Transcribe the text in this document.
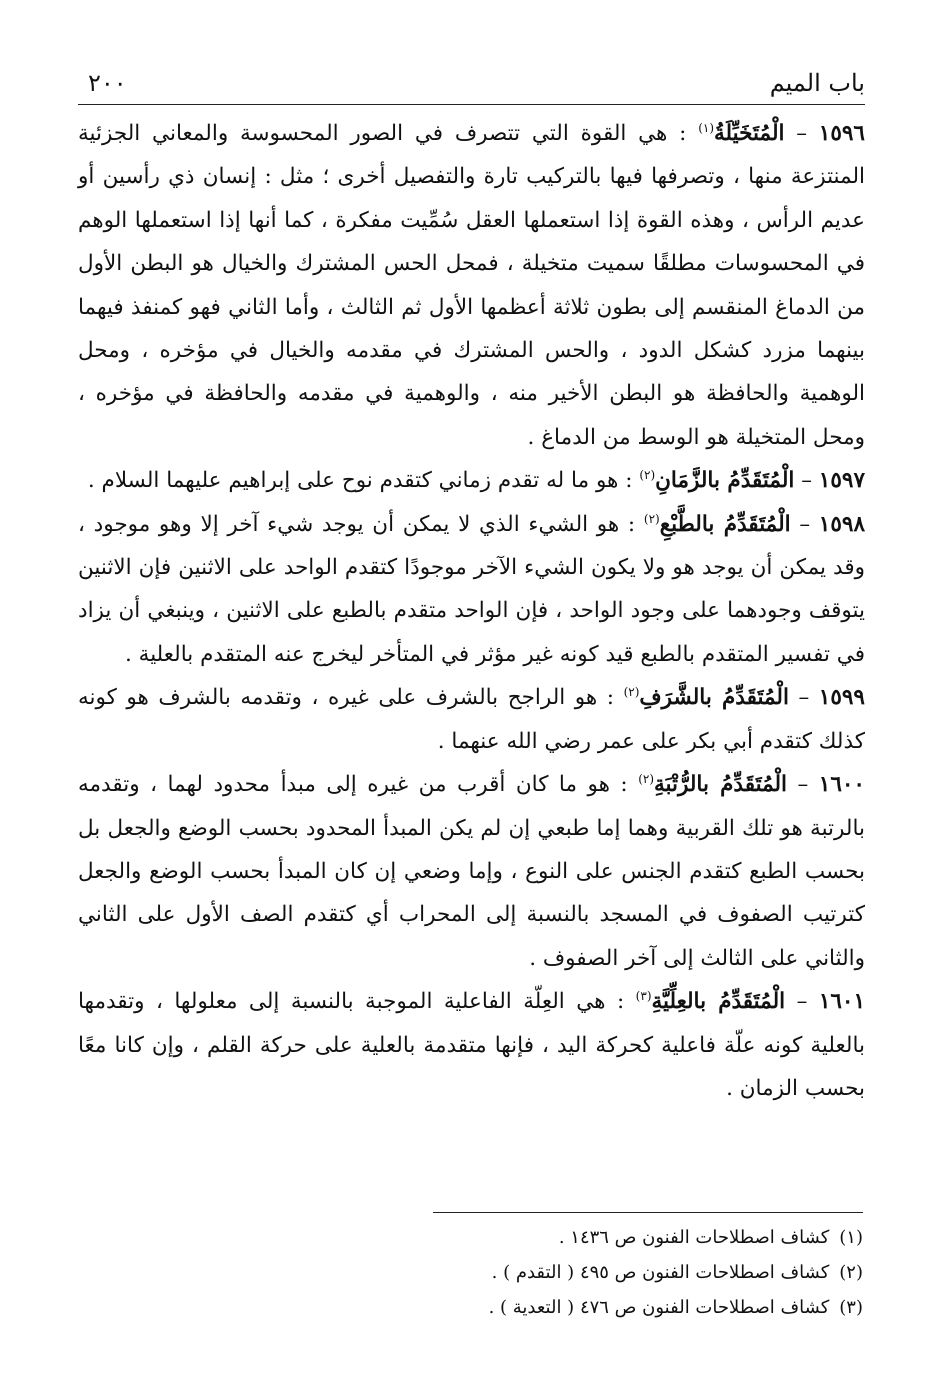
باب الميم
٢٠٠

١٥٩٦ – الْمُتَخَيِّلَةُ$^{(١)}$ : هي القوة التي تتصرف في الصور المحسوسة والمعاني الجزئية المنتزعة منها ، وتصرفها فيها بالتركيب تارة والتفصيل أخرى ؛ مثل : إنسان ذي رأسين أو عديم الرأس ، وهذه القوة إذا استعملها العقل سُمِّيت مفكرة ، كما أنها إذا استعملها الوهم في المحسوسات مطلقًا سميت متخيلة ، فمحل الحس المشترك والخيال هو البطن الأول من الدماغ المنقسم إلى بطون ثلاثة أعظمها الأول ثم الثالث ، وأما الثاني فهو كمنفذ فيهما بينهما مزرد كشكل الدود ، والحس المشترك في مقدمه والخيال في مؤخره ، ومحل الوهمية والحافظة هو البطن الأخير منه ، والوهمية في مقدمه والحافظة في مؤخره ، ومحل المتخيلة هو الوسط من الدماغ .

١٥٩٧ – الْمُتَقَدِّمُ بالزَّمَانِ$^{(٢)}$ : هو ما له تقدم زماني كتقدم نوح على إبراهيم عليهما السلام .

١٥٩٨ – الْمُتَقَدِّمُ بالطَّبْعِ$^{(٢)}$ : هو الشيء الذي لا يمكن أن يوجد شيء آخر إلا وهو موجود ، وقد يمكن أن يوجد هو ولا يكون الشيء الآخر موجودًا كتقدم الواحد على الاثنين فإن الاثنين يتوقف وجودهما على وجود الواحد ، فإن الواحد متقدم بالطبع على الاثنين ، وينبغي أن يزاد في تفسير المتقدم بالطبع قيد كونه غير مؤثر في المتأخر ليخرج عنه المتقدم بالعلية .

١٥٩٩ – الْمُتَقَدِّمُ بالشَّرَفِ$^{(٢)}$ : هو الراجح بالشرف على غيره ، وتقدمه بالشرف هو كونه كذلك كتقدم أبي بكر على عمر رضي الله عنهما .

١٦٠٠ – الْمُتَقَدِّمُ بالرُّتْبَةِ$^{(٢)}$ : هو ما كان أقرب من غيره إلى مبدأ محدود لهما ، وتقدمه بالرتبة هو تلك القربية وهما إما طبعي إن لم يكن المبدأ المحدود بحسب الوضع والجعل بل بحسب الطبع كتقدم الجنس على النوع ، وإما وضعي إن كان المبدأ بحسب الوضع والجعل كترتيب الصفوف في المسجد بالنسبة إلى المحراب أي كتقدم الصف الأول على الثاني والثاني على الثالث إلى آخر الصفوف .

١٦٠١ – الْمُتَقَدِّمُ بالعِلِّيَّةِ$^{(٣)}$ : هي العِلّة الفاعلية الموجبة بالنسبة إلى معلولها ، وتقدمها بالعلية كونه علّة فاعلية كحركة اليد ، فإنها متقدمة بالعلية على حركة القلم ، وإن كانا معًا بحسب الزمان .

(١)كشاف اصطلاحات الفنون ص ١٤٣٦ .
(٢)كشاف اصطلاحات الفنون ص ٤٩٥ ( التقدم ) .
(٣)كشاف اصطلاحات الفنون ص ٤٧٦ ( التعدية ) .
